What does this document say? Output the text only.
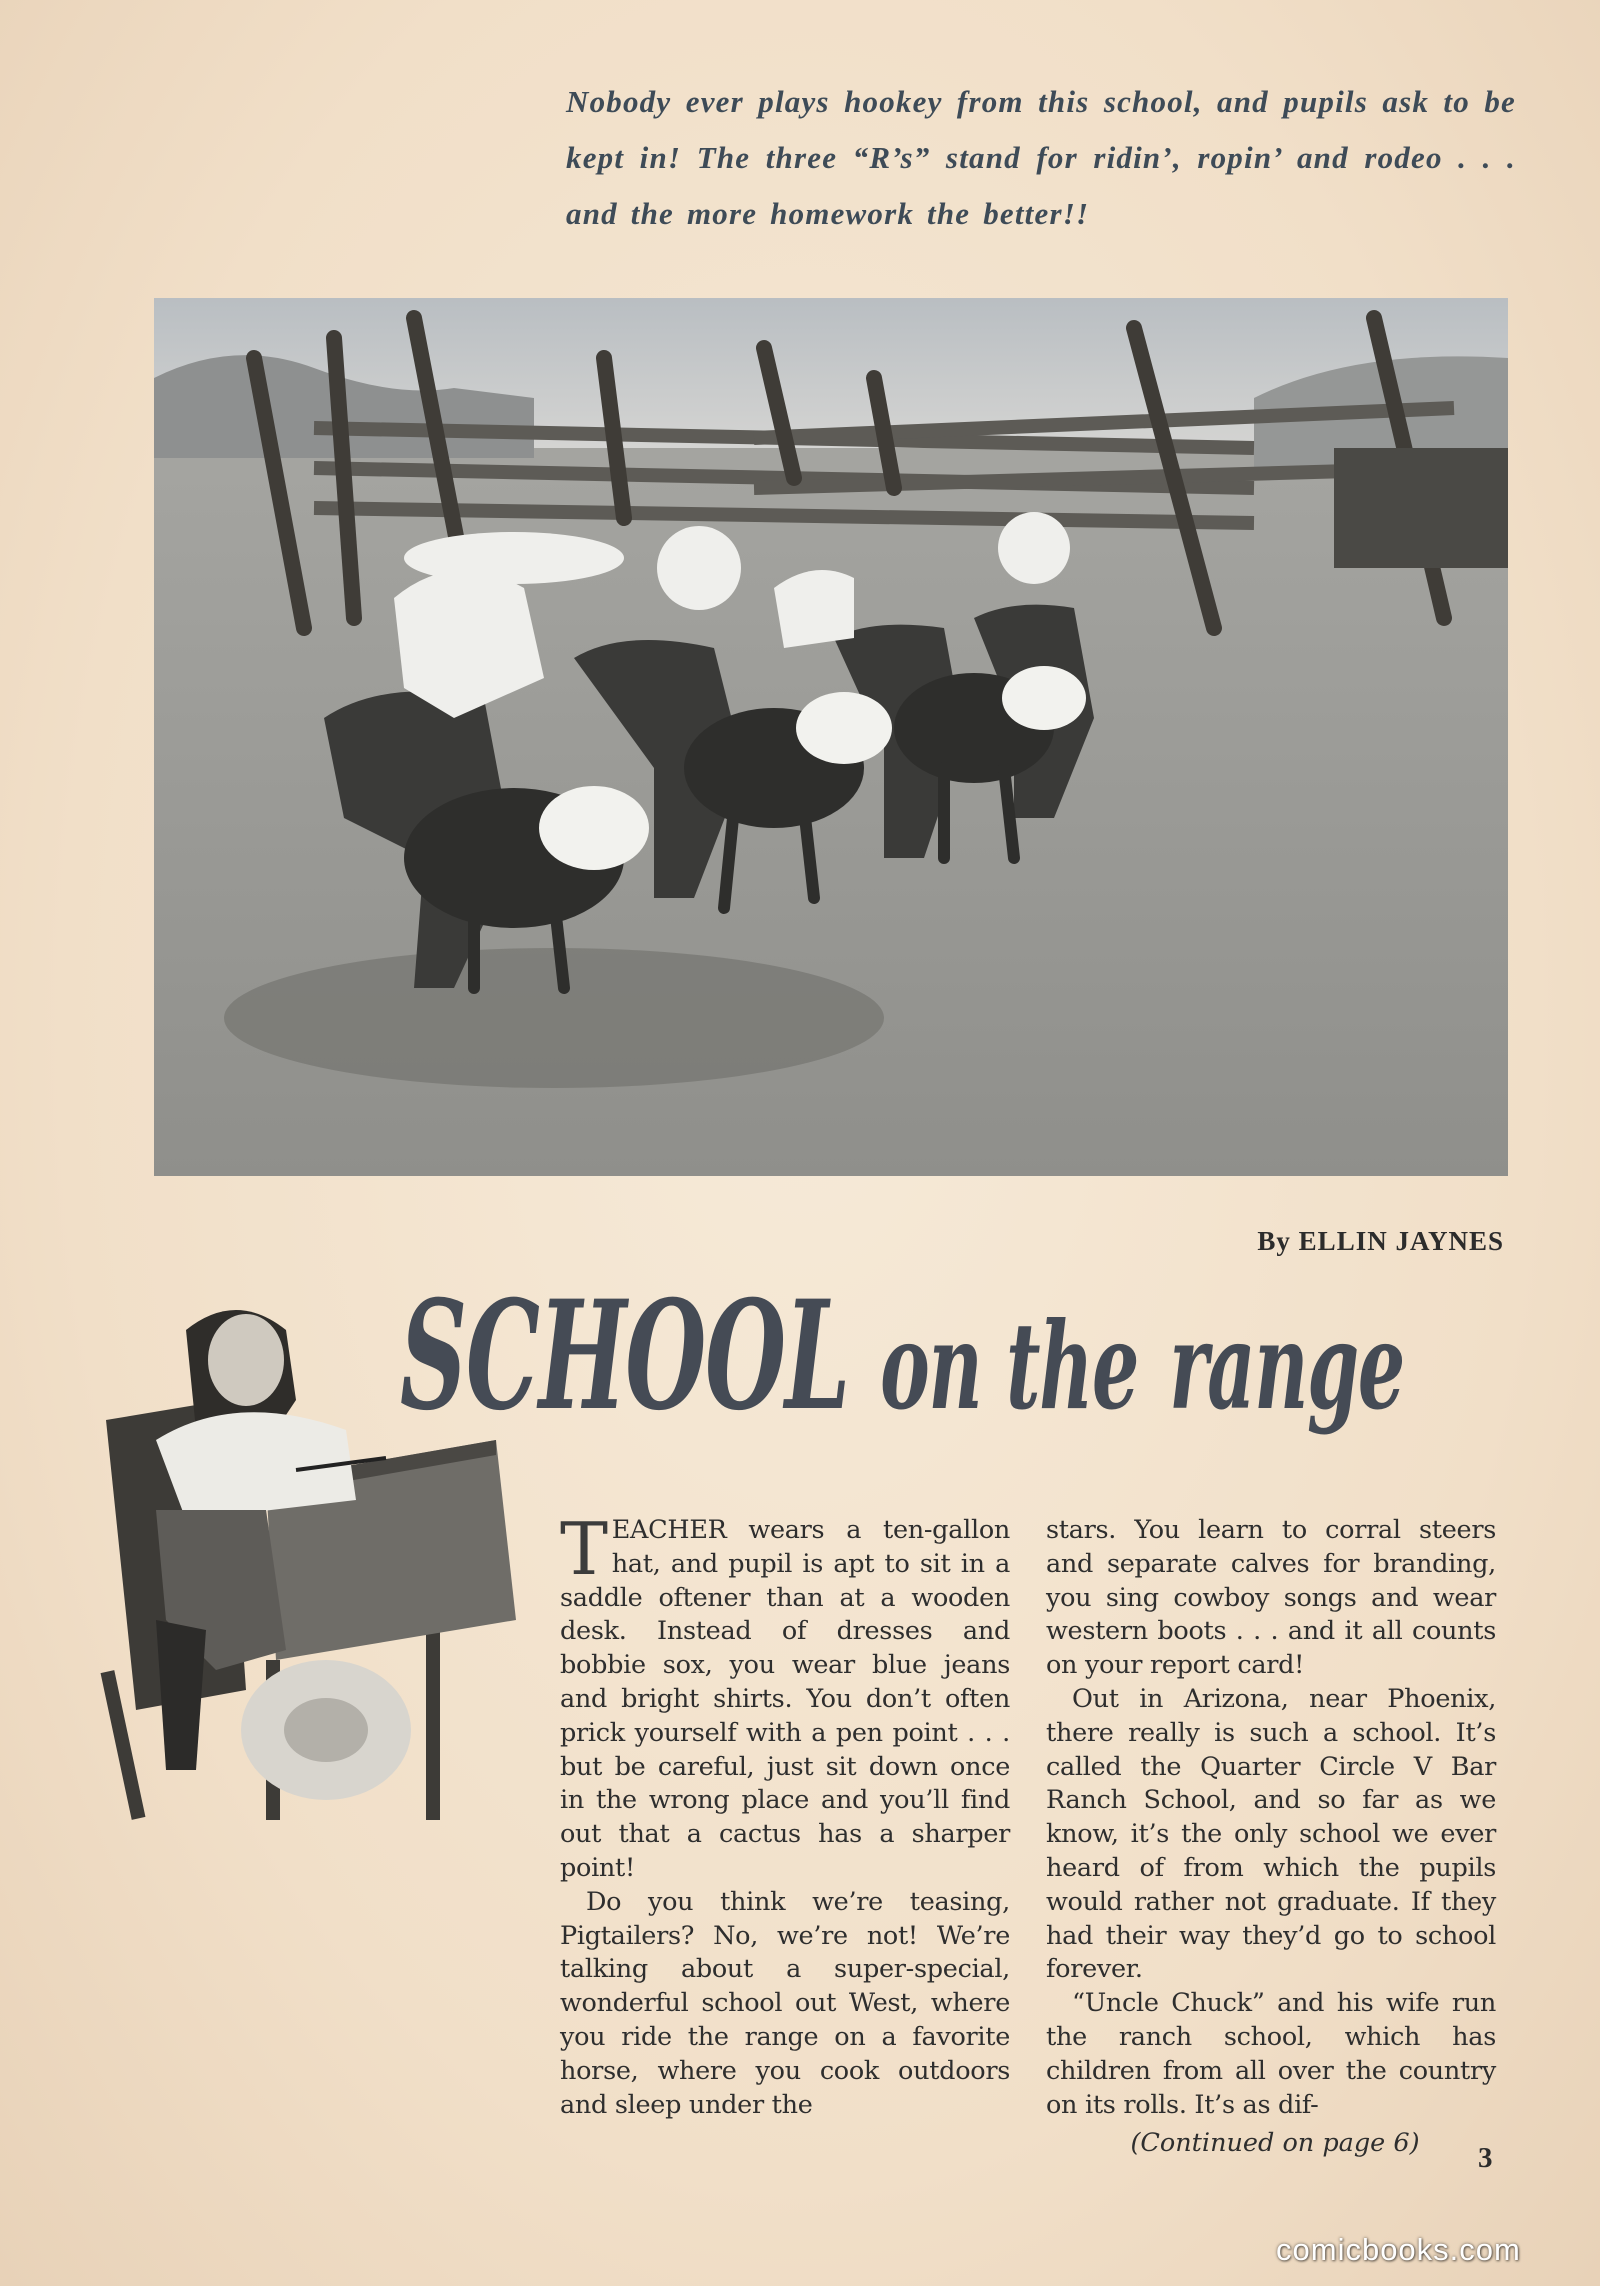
Nobody ever plays hookey from this school, and pupils ask to be kept in! The three “R’s” stand for ridin’, ropin’ and rodeo . . . and the more homework the better!!
By ELLIN JAYNES
SCHOOL on the range

TEACHER wears a ten-gallon hat, and pupil is apt to sit in a saddle oftener than at a wooden desk. Instead of dresses and bobbie sox, you wear blue jeans and bright shirts. You don’t often prick yourself with a pen point . . . but be careful, just sit down once in the wrong place and you’ll find out that a cactus has a sharper point!

Do you think we’re teasing, Pigtailers? No, we’re not! We’re talking about a super-special, wonderful school out West, where you ride the range on a favorite horse, where you cook outdoors and sleep under the

stars. You learn to corral steers and separate calves for branding, you sing cowboy songs and wear western boots . . . and it all counts on your report card!

Out in Arizona, near Phoenix, there really is such a school. It’s called the Quarter Circle V Bar Ranch School, and so far as we know, it’s the only school we ever heard of from which the pupils would rather not graduate. If they had their way they’d go to school forever.

“Uncle Chuck” and his wife run the ranch school, which has children from all over the country on its rolls. It’s as dif-

(Continued on page 6)	3
comicbooks.com
